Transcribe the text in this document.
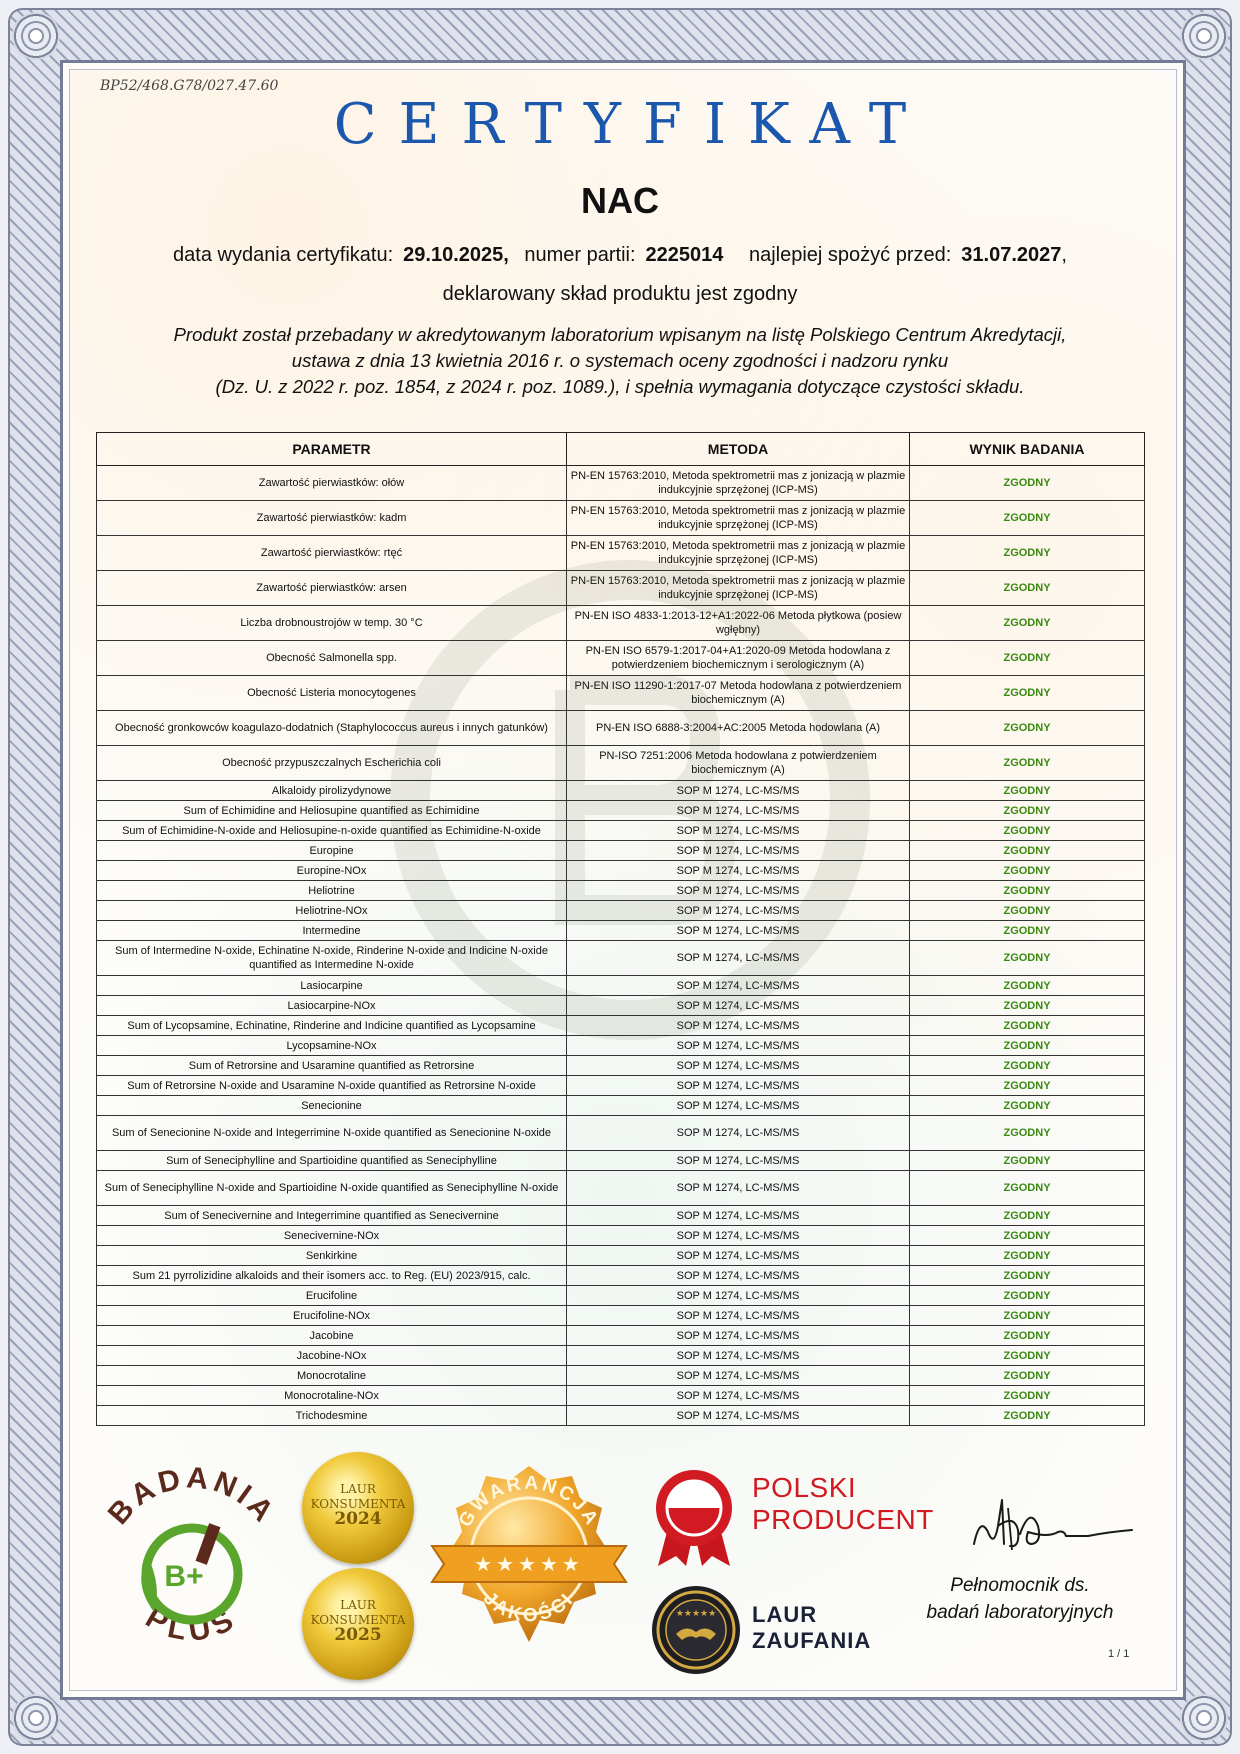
BP52/468.G78/027.47.60
CERTYFIKAT
NAC
data wydania certyfikatu: 29.10.2025, numer partii: 2225014 najlepiej spożyć przed: 31.07.2027,
deklarowany skład produktu jest zgodny
Produkt został przebadany w akredytowanym laboratorium wpisanym na listę Polskiego Centrum Akredytacji,
ustawa z dnia 13 kwietnia 2016 r. o systemach oceny zgodności i nadzoru rynku
(Dz. U. z 2022 r. poz. 1854, z 2024 r. poz. 1089.), i spełnia wymagania dotyczące czystości składu.
PARAMETR	METODA	WYNIK BADANIA
Zawartość pierwiastków: ołów	PN-EN 15763:2010, Metoda spektrometrii mas z jonizacją w plazmie indukcyjnie sprzężonej (ICP-MS)	ZGODNY
Zawartość pierwiastków: kadm	PN-EN 15763:2010, Metoda spektrometrii mas z jonizacją w plazmie indukcyjnie sprzężonej (ICP-MS)	ZGODNY
Zawartość pierwiastków: rtęć	PN-EN 15763:2010, Metoda spektrometrii mas z jonizacją w plazmie indukcyjnie sprzężonej (ICP-MS)	ZGODNY
Zawartość pierwiastków: arsen	PN-EN 15763:2010, Metoda spektrometrii mas z jonizacją w plazmie indukcyjnie sprzężonej (ICP-MS)	ZGODNY
Liczba drobnoustrojów w temp. 30 °C	PN-EN ISO 4833-1:2013-12+A1:2022-06 Metoda płytkowa (posiew wgłębny)	ZGODNY
Obecność Salmonella spp.	PN-EN ISO 6579-1:2017-04+A1:2020-09 Metoda hodowlana z potwierdzeniem biochemicznym i serologicznym (A)	ZGODNY
Obecność Listeria monocytogenes	PN-EN ISO 11290-1:2017-07 Metoda hodowlana z potwierdzeniem biochemicznym (A)	ZGODNY
Obecność gronkowców koagulazo-dodatnich (Staphylococcus aureus i innych gatunków)	PN-EN ISO 6888-3:2004+AC:2005 Metoda hodowlana (A)	ZGODNY
Obecność przypuszczalnych Escherichia coli	PN-ISO 7251:2006 Metoda hodowlana z potwierdzeniem biochemicznym (A)	ZGODNY
Alkaloidy pirolizydynowe	SOP M 1274, LC-MS/MS	ZGODNY
Sum of Echimidine and Heliosupine quantified as Echimidine	SOP M 1274, LC-MS/MS	ZGODNY
Sum of Echimidine-N-oxide and Heliosupine-n-oxide quantified as Echimidine-N-oxide	SOP M 1274, LC-MS/MS	ZGODNY
Europine	SOP M 1274, LC-MS/MS	ZGODNY
Europine-NOx	SOP M 1274, LC-MS/MS	ZGODNY
Heliotrine	SOP M 1274, LC-MS/MS	ZGODNY
Heliotrine-NOx	SOP M 1274, LC-MS/MS	ZGODNY
Intermedine	SOP M 1274, LC-MS/MS	ZGODNY
Sum of Intermedine N-oxide, Echinatine N-oxide, Rinderine N-oxide and Indicine N-oxide quantified as Intermedine N-oxide	SOP M 1274, LC-MS/MS	ZGODNY
Lasiocarpine	SOP M 1274, LC-MS/MS	ZGODNY
Lasiocarpine-NOx	SOP M 1274, LC-MS/MS	ZGODNY
Sum of Lycopsamine, Echinatine, Rinderine and Indicine quantified as Lycopsamine	SOP M 1274, LC-MS/MS	ZGODNY
Lycopsamine-NOx	SOP M 1274, LC-MS/MS	ZGODNY
Sum of Retrorsine and Usaramine quantified as Retrorsine	SOP M 1274, LC-MS/MS	ZGODNY
Sum of Retrorsine N-oxide and Usaramine N-oxide quantified as Retrorsine N-oxide	SOP M 1274, LC-MS/MS	ZGODNY
Senecionine	SOP M 1274, LC-MS/MS	ZGODNY
Sum of Senecionine N-oxide and Integerrimine N-oxide quantified as Senecionine N-oxide	SOP M 1274, LC-MS/MS	ZGODNY
Sum of Seneciphylline and Spartioidine quantified as Seneciphylline	SOP M 1274, LC-MS/MS	ZGODNY
Sum of Seneciphylline N-oxide and Spartioidine N-oxide quantified as Seneciphylline N-oxide	SOP M 1274, LC-MS/MS	ZGODNY
Sum of Senecivernine and Integerrimine quantified as Senecivernine	SOP M 1274, LC-MS/MS	ZGODNY
Senecivernine-NOx	SOP M 1274, LC-MS/MS	ZGODNY
Senkirkine	SOP M 1274, LC-MS/MS	ZGODNY
Sum 21 pyrrolizidine alkaloids and their isomers acc. to Reg. (EU) 2023/915, calc.	SOP M 1274, LC-MS/MS	ZGODNY
Erucifoline	SOP M 1274, LC-MS/MS	ZGODNY
Erucifoline-NOx	SOP M 1274, LC-MS/MS	ZGODNY
Jacobine	SOP M 1274, LC-MS/MS	ZGODNY
Jacobine-NOx	SOP M 1274, LC-MS/MS	ZGODNY
Monocrotaline	SOP M 1274, LC-MS/MS	ZGODNY
Monocrotaline-NOx	SOP M 1274, LC-MS/MS	ZGODNY
Trichodesmine	SOP M 1274, LC-MS/MS	ZGODNY
BADANIA
PLUS
B+
LAUR
KONSUMENTA
2024
LAUR
KONSUMENTA
2025
★★★★★
GWARANCJA
JAKOŚCI
POLSKI
PRODUCENT
★★★★★ LAUR
ZAUFANIA
Pełnomocnik ds.
badań laboratoryjnych
1 / 1
